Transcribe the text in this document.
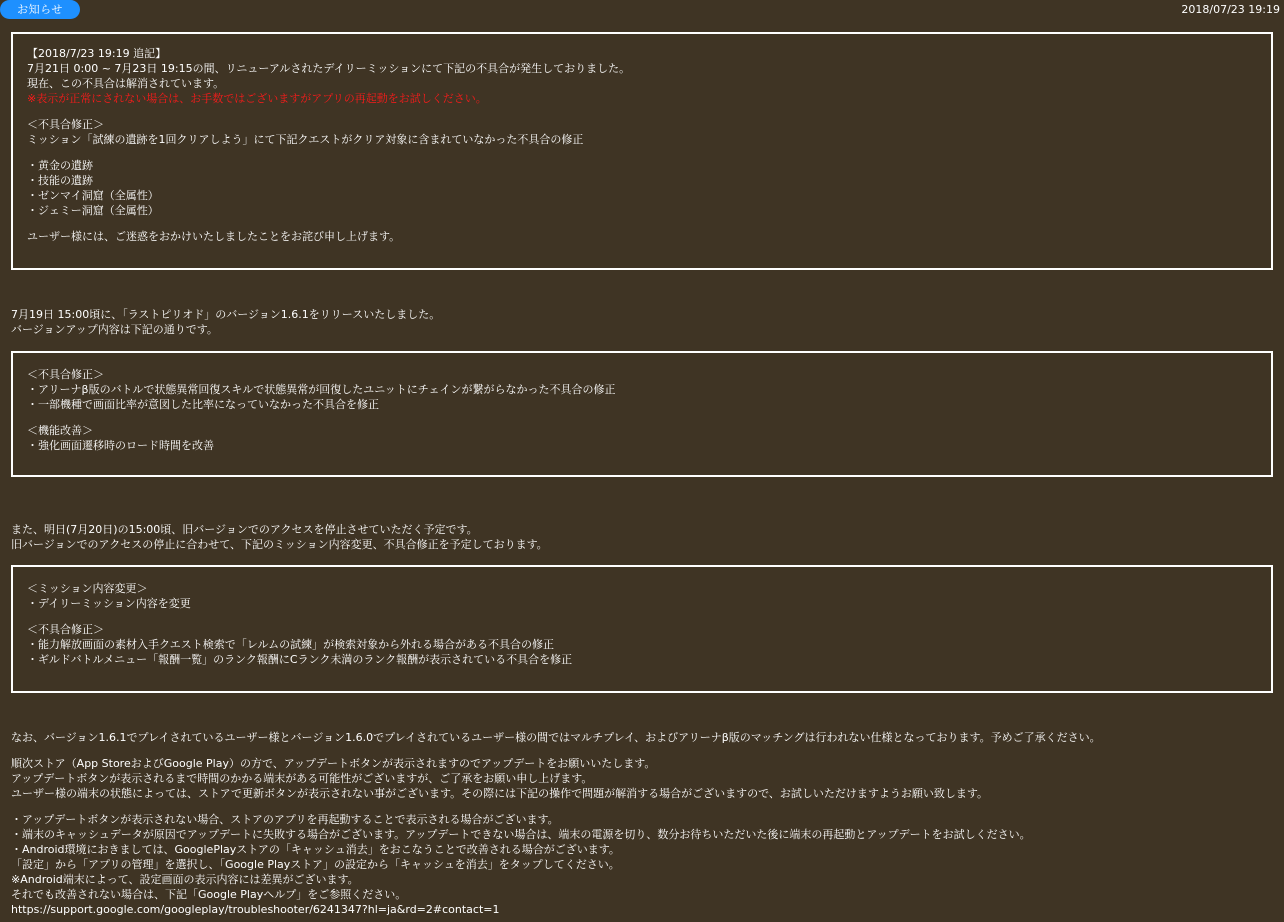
お知らせ	2018/07/23 19:19

【2018/7/23 19:19 追記】

7月21日 0:00 ~ 7月23日 19:15の間、リニューアルされたデイリーミッションにて下記の不具合が発生しておりました。

現在、この不具合は解消されています。

※表示が正常にされない場合は、お手数ではございますがアプリの再起動をお試しください。

＜不具合修正＞

ミッション「試練の遺跡を1回クリアしよう」にて下記クエストがクリア対象に含まれていなかった不具合の修正

・黄金の遺跡

・技能の遺跡

・ゼンマイ洞窟（全属性）

・ジェミー洞窟（全属性）

ユーザー様には、ご迷惑をおかけいたしましたことをお詫び申し上げます。

7月19日 15:00頃に、「ラストピリオド」のバージョン1.6.1をリリースいたしました。

バージョンアップ内容は下記の通りです。

＜不具合修正＞

・アリーナβ版のバトルで状態異常回復スキルで状態異常が回復したユニットにチェインが繋がらなかった不具合の修正

・一部機種で画面比率が意図した比率になっていなかった不具合を修正

＜機能改善＞

・強化画面遷移時のロード時間を改善

また、明日(7月20日)の15:00頃、旧バージョンでのアクセスを停止させていただく予定です。

旧バージョンでのアクセスの停止に合わせて、下記のミッション内容変更、不具合修正を予定しております。

＜ミッション内容変更＞

・デイリーミッション内容を変更

＜不具合修正＞

・能力解放画面の素材入手クエスト検索で「レルムの試練」が検索対象から外れる場合がある不具合の修正

・ギルドバトルメニュー「報酬一覧」のランク報酬にCランク未満のランク報酬が表示されている不具合を修正

なお、バージョン1.6.1でプレイされているユーザー様とバージョン1.6.0でプレイされているユーザー様の間ではマルチプレイ、およびアリーナβ版のマッチングは行われない仕様となっております。予めご了承ください。

順次ストア（App StoreおよびGoogle Play）の方で、アップデートボタンが表示されますのでアップデートをお願いいたします。

アップデートボタンが表示されるまで時間のかかる端末がある可能性がございますが、ご了承をお願い申し上げます。

ユーザー様の端末の状態によっては、ストアで更新ボタンが表示されない事がございます。その際には下記の操作で問題が解消する場合がございますので、お試しいただけますようお願い致します。

・アップデートボタンが表示されない場合、ストアのアプリを再起動することで表示される場合がございます。

・端末のキャッシュデータが原因でアップデートに失敗する場合がございます。アップデートできない場合は、端末の電源を切り、数分お待ちいただいた後に端末の再起動とアップデートをお試しください。

・Android環境におきましては、GooglePlayストアの「キャッシュ消去」をおこなうことで改善される場合がございます。

「設定」から「アプリの管理」を選択し、「Google Playストア」の設定から「キャッシュを消去」をタップしてください。

※Android端末によって、設定画面の表示内容には差異がございます。

それでも改善されない場合は、下記「Google Playヘルプ」をご参照ください。

https://support.google.com/googleplay/troubleshooter/6241347?hl=ja&rd=2#contact=1
